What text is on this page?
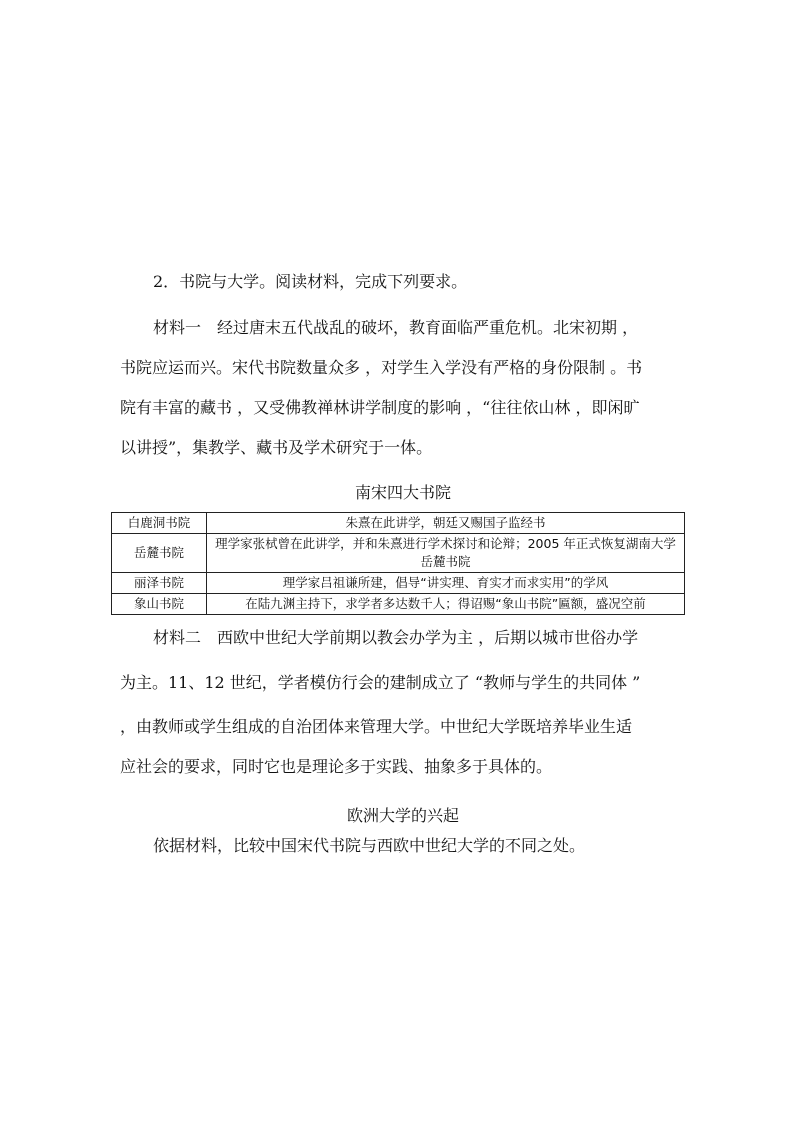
2．书院与大学。阅读材料，完成下列要求。
材料一　经过唐末五代战乱的破坏，教育面临严重危机。北宋初期 ，
书院应运而兴。宋代书院数量众多 ，对学生入学没有严格的身份限制 。书
院有丰富的藏书 ，又受佛教禅林讲学制度的影响 ，“往往依山林 ，即闲旷
以讲授”，集教学、藏书及学术研究于一体。
南宋四大书院
白鹿洞书院	朱熹在此讲学，朝廷又赐国子监经书
岳麓书院	理学家张栻曾在此讲学，并和朱熹进行学术探讨和论辩；2005 年正式恢复湖南大学岳麓书院
丽泽书院	理学家吕祖谦所建，倡导“讲实理、育实才而求实用”的学风
象山书院	在陆九渊主持下，求学者多达数千人；得诏赐“象山书院”匾额，盛况空前
材料二　西欧中世纪大学前期以教会办学为主 ，后期以城市世俗办学
为主。11、12 世纪，学者模仿行会的建制成立了 “教师与学生的共同体 ”
，由教师或学生组成的自治团体来管理大学。中世纪大学既培养毕业生适
应社会的要求，同时它也是理论多于实践、抽象多于具体的。
欧洲大学的兴起
依据材料，比较中国宋代书院与西欧中世纪大学的不同之处。
